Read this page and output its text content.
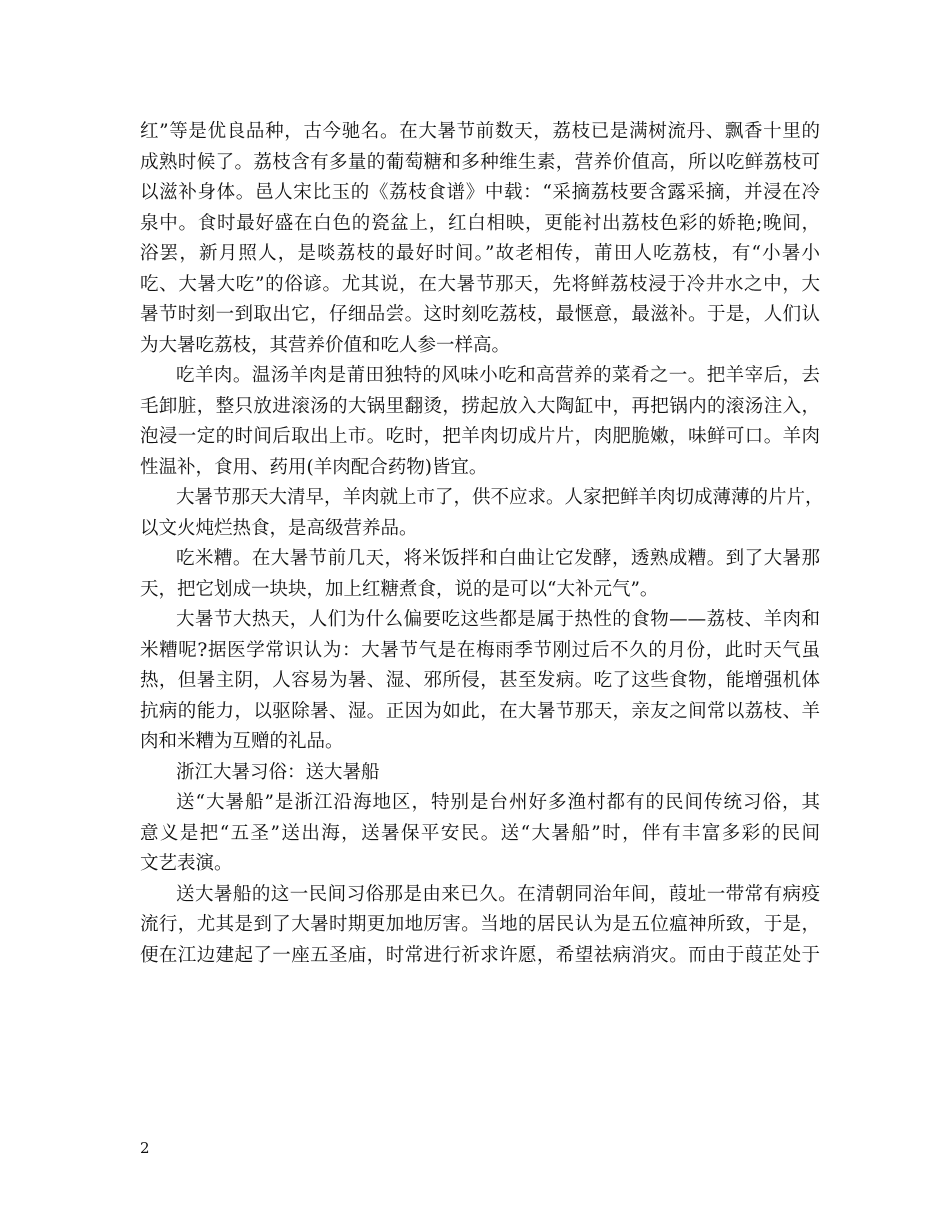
红”等是优良品种，古今驰名。在大暑节前数天，荔枝已是满树流丹、飘香十里的
成熟时候了。荔枝含有多量的葡萄糖和多种维生素，营养价值高，所以吃鲜荔枝可
以滋补身体。邑人宋比玉的《荔枝食谱》中载：“采摘荔枝要含露采摘，并浸在冷
泉中。食时最好盛在白色的瓷盆上，红白相映，更能衬出荔枝色彩的娇艳;晚间，
浴罢，新月照人，是啖荔枝的最好时间。”故老相传，莆田人吃荔枝，有“小暑小
吃、大暑大吃”的俗谚。尤其说，在大暑节那天，先将鲜荔枝浸于冷井水之中，大
暑节时刻一到取出它，仔细品尝。这时刻吃荔枝，最惬意，最滋补。于是，人们认
为大暑吃荔枝，其营养价值和吃人参一样高。
吃羊肉。温汤羊肉是莆田独特的风味小吃和高营养的菜肴之一。把羊宰后，去
毛卸脏，整只放进滚汤的大锅里翻烫，捞起放入大陶缸中，再把锅内的滚汤注入，
泡浸一定的时间后取出上市。吃时，把羊肉切成片片，肉肥脆嫩，味鲜可口。羊肉
性温补，食用、药用(羊肉配合药物)皆宜。
大暑节那天大清早，羊肉就上市了，供不应求。人家把鲜羊肉切成薄薄的片片，
以文火炖烂热食，是高级营养品。
吃米糟。在大暑节前几天，将米饭拌和白曲让它发酵，透熟成糟。到了大暑那
天，把它划成一块块，加上红糖煮食，说的是可以“大补元气”。
大暑节大热天，人们为什么偏要吃这些都是属于热性的食物——荔枝、羊肉和
米糟呢?据医学常识认为：大暑节气是在梅雨季节刚过后不久的月份，此时天气虽
热，但暑主阴，人容易为暑、湿、邪所侵，甚至发病。吃了这些食物，能增强机体
抗病的能力，以驱除暑、湿。正因为如此，在大暑节那天，亲友之间常以荔枝、羊
肉和米糟为互赠的礼品。
浙江大暑习俗：送大暑船
送“大暑船”是浙江沿海地区，特别是台州好多渔村都有的民间传统习俗，其
意义是把“五圣”送出海，送暑保平安民。送“大暑船”时，伴有丰富多彩的民间
文艺表演。
送大暑船的这一民间习俗那是由来已久。在清朝同治年间，葭址一带常有病疫
流行，尤其是到了大暑时期更加地厉害。当地的居民认为是五位瘟神所致，于是，
便在江边建起了一座五圣庙，时常进行祈求许愿，希望祛病消灾。而由于葭芷处于
2
